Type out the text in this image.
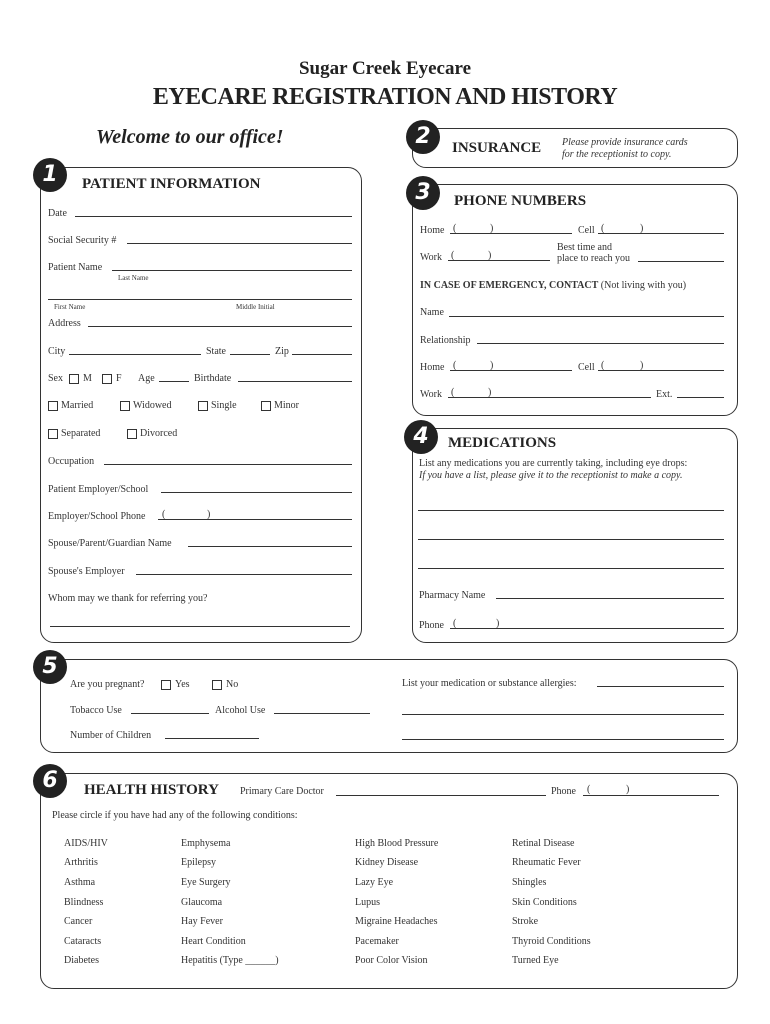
Sugar Creek Eyecare
EYECARE REGISTRATION AND HISTORY
Welcome to our office!
1	PATIENT INFORMATION
Date
Social Security #
Patient Name
Last Name
First Name	Middle Initial
Address
City	State	Zip
Sex M F Age	Birthdate
Married	Widowed	Single	Minor
Separated	Divorced
Occupation
Patient Employer/School
Employer/School Phone (	)
Spouse/Parent/Guardian Name
Spouse's Employer
Whom may we thank for referring you?
2	INSURANCE Please provide insurance cards
for the receptionist to copy.
3	PHONE NUMBERS
Home (	)	Cell (	)
Work (	)
Best time and
place to reach you
IN CASE OF EMERGENCY, CONTACT (Not living with you)
Name
Relationship
Home (	)	Cell (	)
Work (	)	Ext.
4	MEDICATIONS
List any medications you are currently taking, including eye drops:
If you have a list, please give it to the receptionist to make a copy.
Pharmacy Name
Phone (	)
5
Are you pregnant?	Yes	No
Tobacco Use	Alcohol Use
Number of Children
List your medication or substance allergies:
6	HEALTH HISTORY Primary Care Doctor	Phone (	)
Please circle if you have had any of the following conditions:
AIDS/HIV
Arthritis
Asthma
Blindness
Cancer
Cataracts
Diabetes
Emphysema
Epilepsy
Eye Surgery
Glaucoma
Hay Fever
Heart Condition
Hepatitis (Type ______)
High Blood Pressure
Kidney Disease
Lazy Eye
Lupus
Migraine Headaches
Pacemaker
Poor Color Vision
Retinal Disease
Rheumatic Fever
Shingles
Skin Conditions
Stroke
Thyroid Conditions
Turned Eye
